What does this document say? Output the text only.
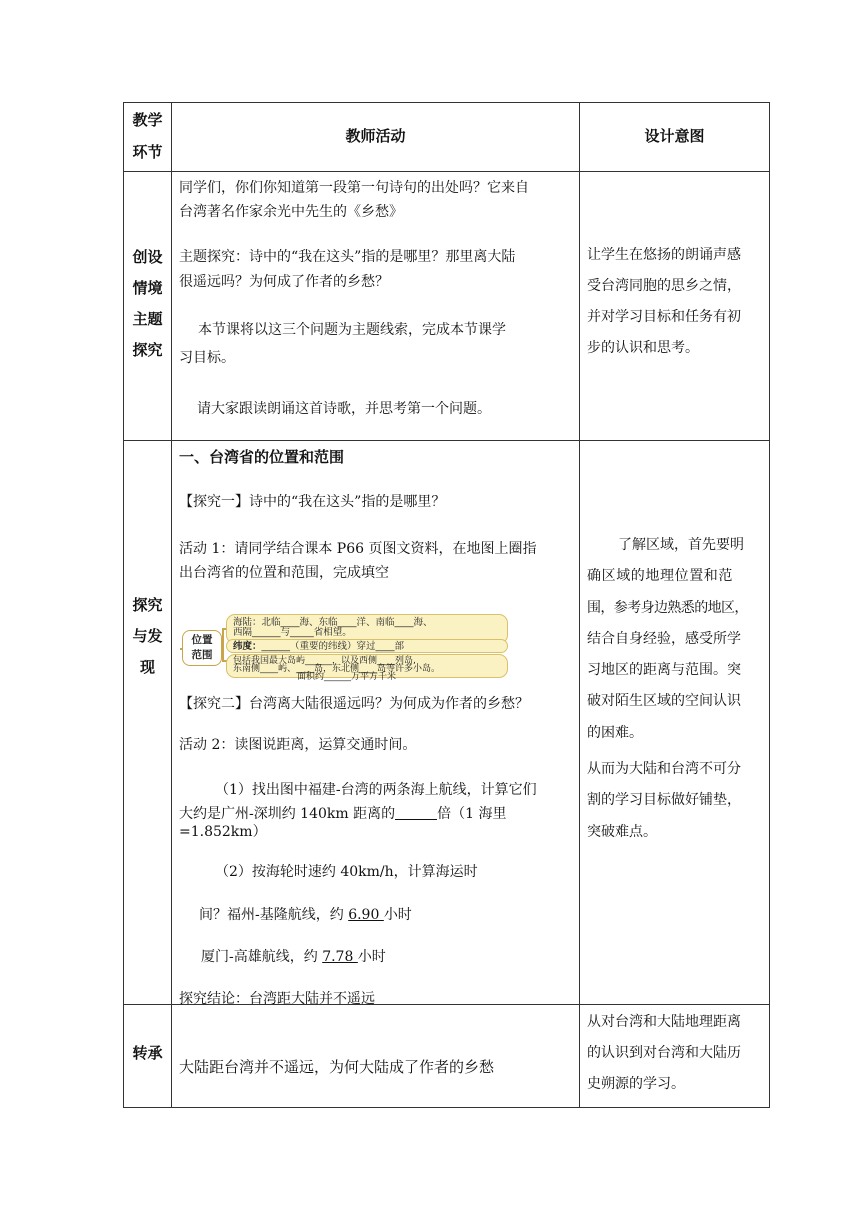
教学
环节
教师活动	设计意图
创设
情境
主题
探究
同学们，你们你知道第一段第一句诗句的出处吗？它来自
台湾著名作家余光中先生的《乡愁》
主题探究：诗中的“我在这头”指的是哪里？那里离大陆
很遥远吗？为何成了作者的乡愁？
本节课将以这三个问题为主题线索，完成本节课学
习目标。
请大家跟读朗诵这首诗歌，并思考第一个问题。
让学生在悠扬的朗诵声感
受台湾同胞的思乡之情，
并对学习目标和任务有初
步的认识和思考。
探究
与发
现
一、台湾省的位置和范围
【探究一】诗中的“我在这头”指的是哪里？
活动 1：请同学结合课本 P66 页图文资料，在地图上圈指
出台湾省的位置和范围，完成填空
位置
范围
海陆：北临____海、东临____洋、南临____海、
西隔______与_____省相望。
纬度：______（重要的纬线）穿过____部
包括我国最大岛屿______，以及西侧____列岛,
东南侧____屿、____岛，东北侧____岛等许多小岛。
面积约______万平方千米
【探究二】台湾离大陆很遥远吗？为何成为作者的乡愁？
活动 2：读图说距离，运算交通时间。
（1）找出图中福建-台湾的两条海上航线，计算它们
大约是广州-深圳约 140km 距离的	倍（1 海里
=1.852km）
（2）按海轮时速约 40km/h，计算海运时
间？福州-基隆航线，约 6.90 小时
厦门-高雄航线，约 7.78 小时
探究结论：台湾距大陆并不遥远
了解区域，首先要明
确区域的地理位置和范
围，参考身边熟悉的地区，
结合自身经验，感受所学
习地区的距离与范围。突
破对陌生区域的空间认识
的困难。
从而为大陆和台湾不可分
割的学习目标做好铺垫，
突破难点。
转承
大陆距台湾并不遥远，为何大陆成了作者的乡愁
从对台湾和大陆地理距离
的认识到对台湾和大陆历
史朔源的学习。
